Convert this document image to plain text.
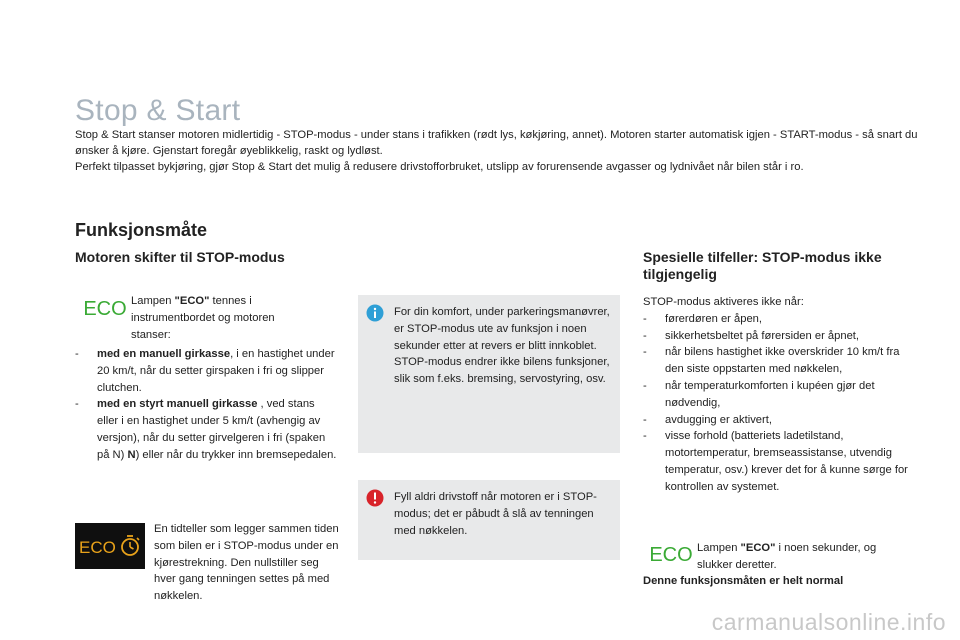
Stop & Start

Stop & Start stanser motoren midlertidig - STOP-modus - under stans i trafikken (rødt lys, køkjøring, annet). Motoren starter automatisk igjen - START-modus - så snart du ønsker å kjøre. Gjenstart foregår øyeblikkelig, raskt og lydløst.

Perfekt tilpasset bykjøring, gjør Stop & Start det mulig å redusere drivstofforbruket, utslipp av forurensende avgasser og lydnivået når bilen står i ro.

Funksjonsmåte
Motoren skifter til STOP-modus
ECO Lampen "ECO" tennes i instrumentbordet og motoren stanser:
-	med en manuell girkasse, i en hastighet under 20 km/t, når du setter girspaken i fri og slipper clutchen.
-	med en styrt manuell girkasse , ved stans eller i en hastighet under 5 km/t (avhengig av versjon), når du setter girvelgeren i fri (spaken på N) N) eller når du trykker inn bremsepedalen.
ECO
En tidteller som legger sammen tiden som bilen er i STOP-modus under en kjørestrekning. Den nullstiller seg hver gang tenningen settes på med nøkkelen.
For din komfort, under parkeringsmanøvrer, er STOP-modus ute av funksjon i noen sekunder etter at revers er blitt innkoblet.
STOP-modus endrer ikke bilens funksjoner, slik som f.eks. bremsing, servostyring, osv.
Fyll aldri drivstoff når motoren er i STOP-modus; det er påbudt å slå av tenningen med nøkkelen.
Spesielle tilfeller: STOP-modus ikke tilgjengelig
STOP-modus aktiveres ikke når:
-	førerdøren er åpen,
-	sikkerhetsbeltet på førersiden er åpnet,
-	når bilens hastighet ikke overskrider 10 km/t fra den siste oppstarten med nøkkelen,
-	når temperaturkomforten i kupéen gjør det nødvendig,
-	avdugging er aktivert,
-	visse forhold (batteriets ladetilstand, motortemperatur, bremseassistanse, utvendig temperatur, osv.) krever det for å kunne sørge for kontrollen av systemet.
ECO Lampen "ECO" i noen sekunder, og slukker deretter.
Denne funksjonsmåten er helt normal
carmanualsonline.info
